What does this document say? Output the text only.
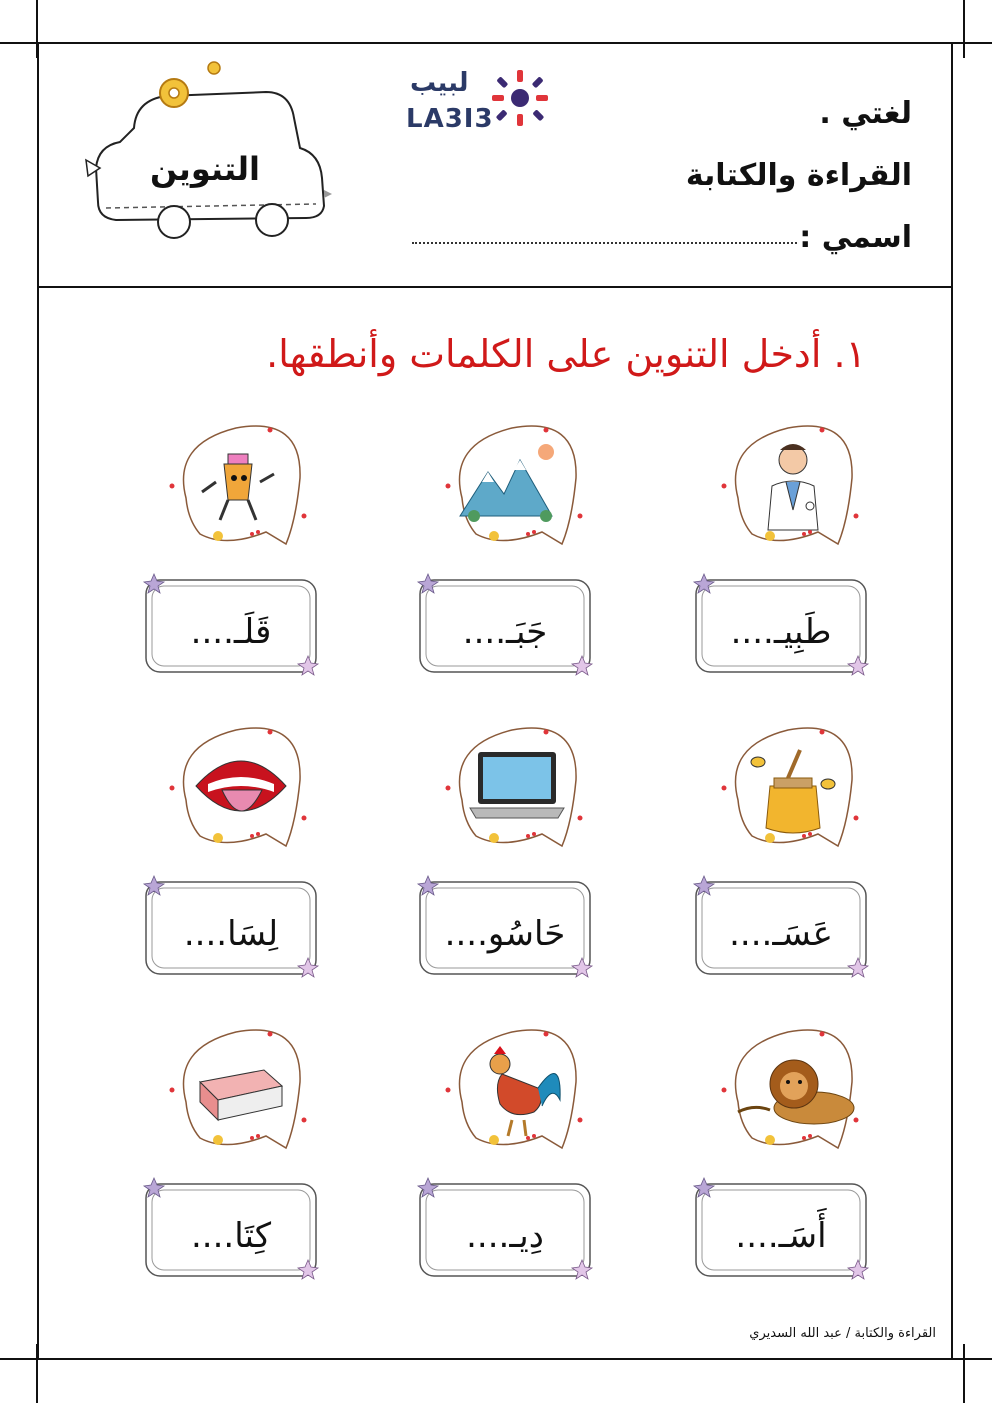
لغتي .
القراءة والكتابة
اسمي :
لبيب
LA3I3
التنوين
١. أدخل التنوين على الكلمات وأنطقها.
طَبِيـ....
جَبَـ....
قَلَـ....
عَسَـ....
حَاسُو....
لِسَا....
أَسَـ....
دِيـ....
كِتَا....
القراءة والكتابة / عبد الله السديري
